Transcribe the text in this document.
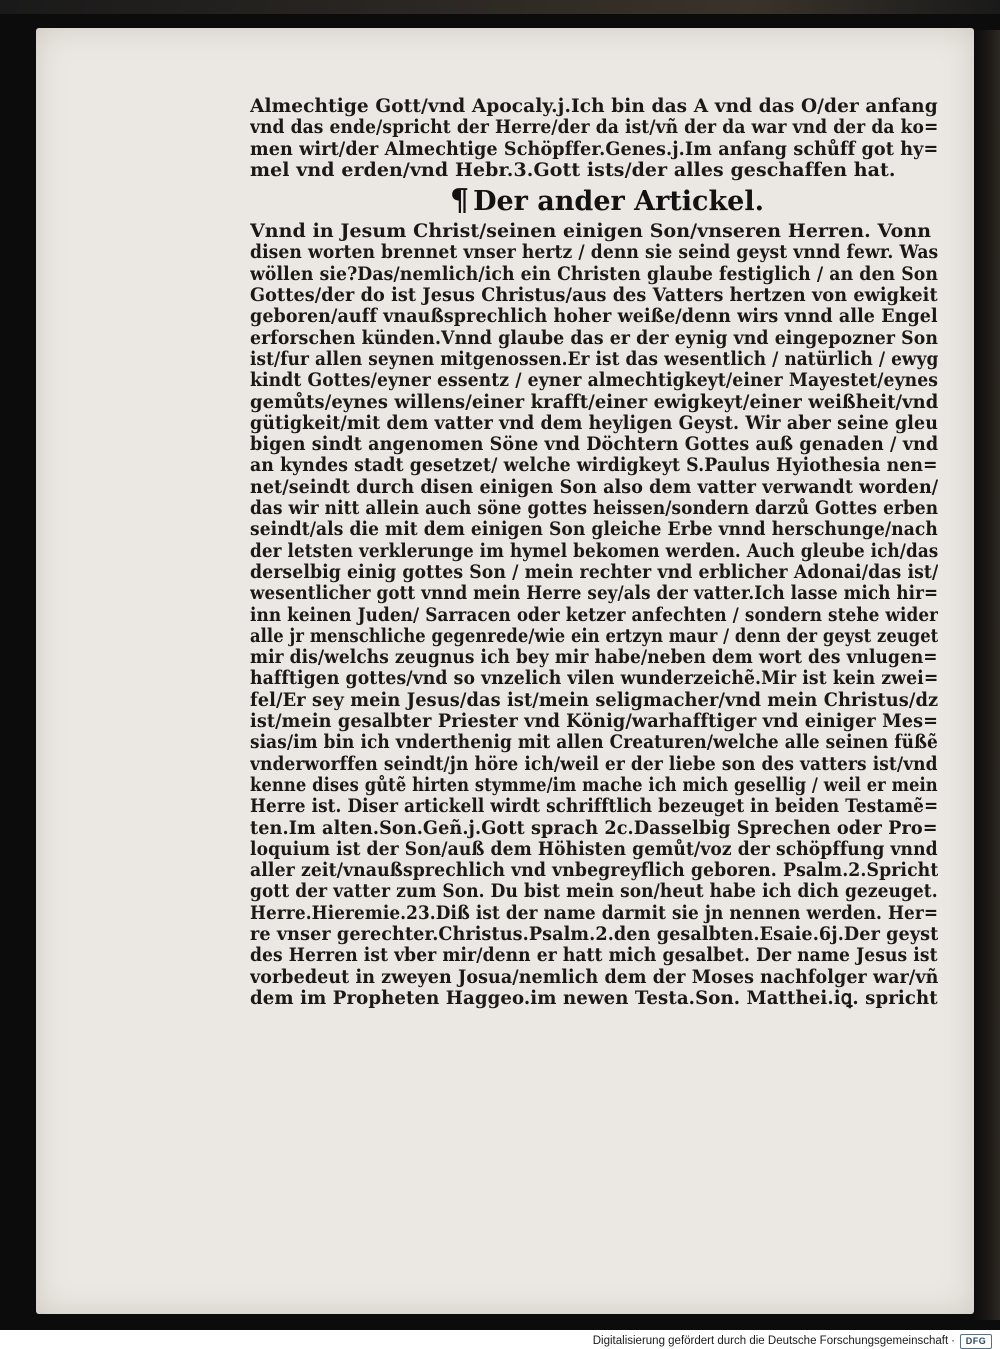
Almechtige Gott/vnd Apocaly.j.Ich bin das A vnd das O/der anfang
vnd das ende/spricht der Herre/der da ist/vñ der da war vnd der da ko=
men wirt/der Almechtige Schöpffer.Genes.j.Im anfang schůff got hy=
mel vnd erden/vnd Hebr.3.Gott ists/der alles geschaffen hat.
¶ Der ander Artickel.
Vnnd in Jesum Christ/seinen einigen Son/vnseren Herren. Vonn
disen worten brennet vnser hertz / denn sie seind geyst vnnd fewr. Was
wöllen sie?Das/nemlich/ich ein Christen glaube festiglich / an den Son
Gottes/der do ist Jesus Christus/aus des Vatters hertzen von ewigkeit
geboren/auff vnaußsprechlich hoher weiße/denn wirs vnnd alle Engel
erforschen künden.Vnnd glaube das er der eynig vnd eingepozner Son
ist/fur allen seynen mitgenossen.Er ist das wesentlich / natürlich / ewyg
kindt Gottes/eyner essentz / eyner almechtigkeyt/einer Mayestet/eynes
gemůts/eynes willens/einer krafft/einer ewigkeyt/einer weißheit/vnd
gütigkeit/mit dem vatter vnd dem heyligen Geyst. Wir aber seine gleu
bigen sindt angenomen Söne vnd Döchtern Gottes auß genaden / vnd
an kyndes stadt gesetzet/ welche wirdigkeyt S.Paulus Hyiothesia nen=
net/seindt durch disen einigen Son also dem vatter verwandt worden/
das wir nitt allein auch söne gottes heissen/sondern darzů Gottes erben
seindt/als die mit dem einigen Son gleiche Erbe vnnd herschunge/nach
der letsten verklerunge im hymel bekomen werden. Auch gleube ich/das
derselbig einig gottes Son / mein rechter vnd erblicher Adonai/das ist/
wesentlicher gott vnnd mein Herre sey/als der vatter.Ich lasse mich hir=
inn keinen Juden/ Sarracen oder ketzer anfechten / sondern stehe wider
alle jr menschliche gegenrede/wie ein ertzyn maur / denn der geyst zeuget
mir dis/welchs zeugnus ich bey mir habe/neben dem wort des vnlugen=
hafftigen gottes/vnd so vnzelich vilen wunderzeichẽ.Mir ist kein zwei=
fel/Er sey mein Jesus/das ist/mein seligmacher/vnd mein Christus/dz
ist/mein gesalbter Priester vnd König/warhafftiger vnd einiger Mes=
sias/im bin ich vnderthenig mit allen Creaturen/welche alle seinen füßẽ
vnderworffen seindt/jn höre ich/weil er der liebe son des vatters ist/vnd
kenne dises gůtẽ hirten stymme/im mache ich mich gesellig / weil er mein
Herre ist. Diser artickell wirdt schrifftlich bezeuget in beiden Testamẽ=
ten.Im alten.Son.Geñ.j.Gott sprach 2c.Dasselbig Sprechen oder Pro=
loquium ist der Son/auß dem Höhisten gemůt/voz der schöpffung vnnd
aller zeit/vnaußsprechlich vnd vnbegreyflich geboren. Psalm.2.Spricht
gott der vatter zum Son. Du bist mein son/heut habe ich dich gezeuget.
Herre.Hieremie.23.Diß ist der name darmit sie jn nennen werden. Her=
re vnser gerechter.Christus.Psalm.2.den gesalbten.Esaie.6j.Der geyst
des Herren ist vber mir/denn er hatt mich gesalbet. Der name Jesus ist
vorbedeut in zweyen Josua/nemlich dem der Moses nachfolger war/vñ
dem im Propheten Haggeo.im newen Testa.Son. Matthei.iꝗ. spricht
Digitalisierung gefördert durch die Deutsche Forschungsgemeinschaft ·	DFG
